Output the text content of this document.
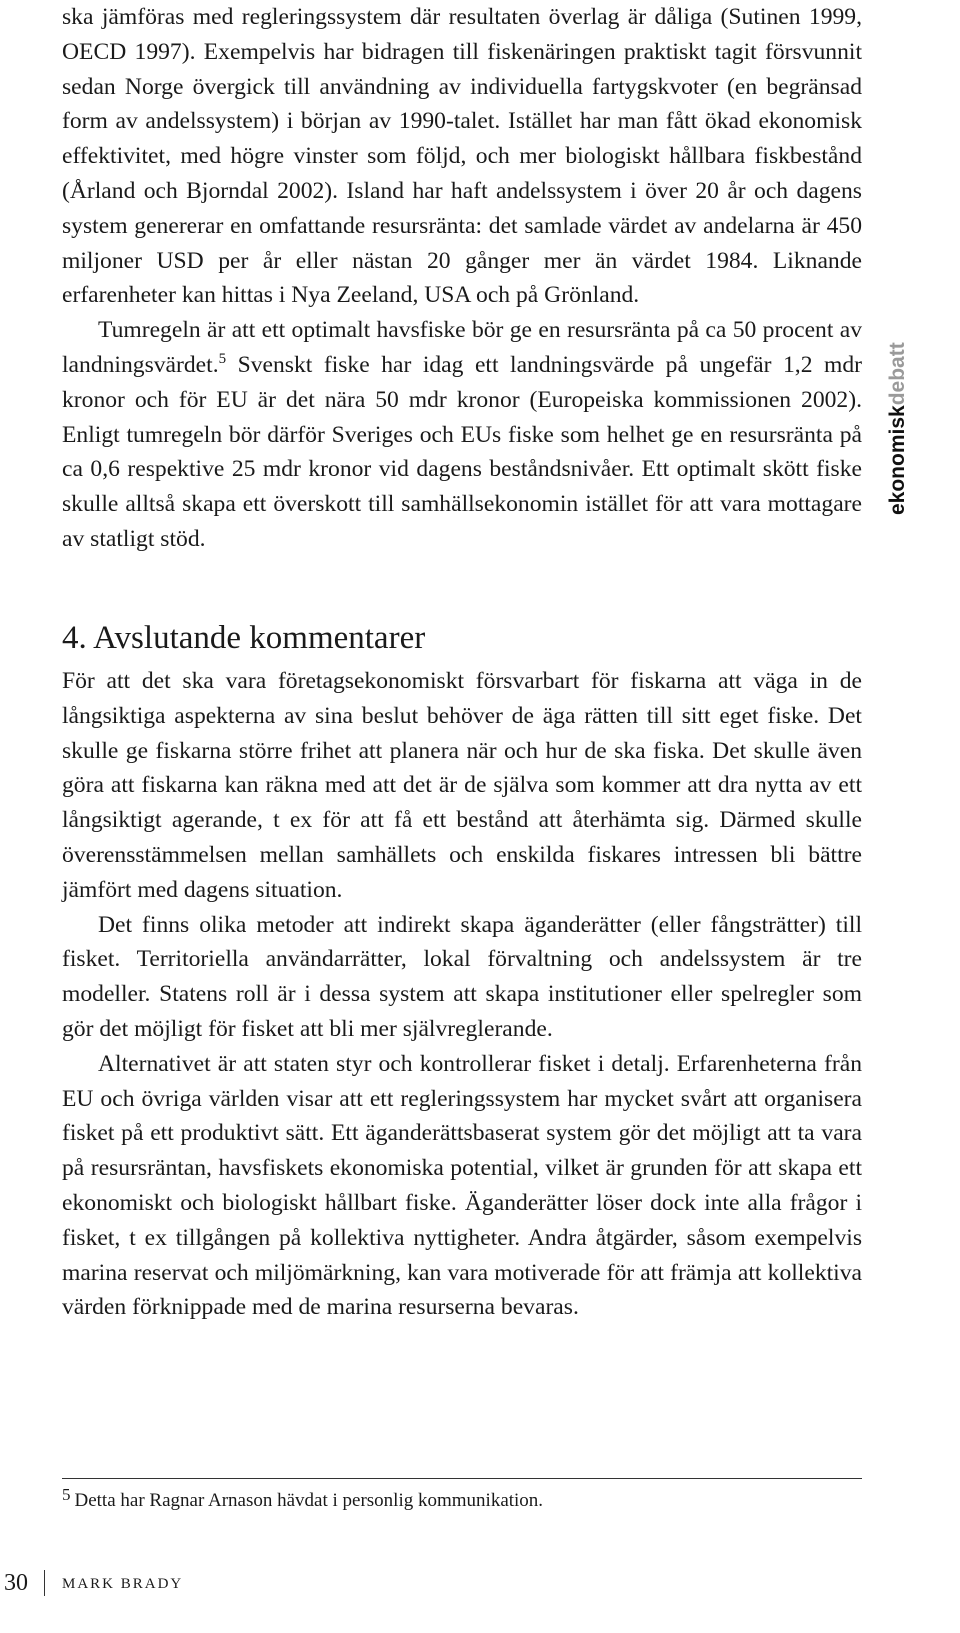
ska jämföras med regleringssystem där resultaten överlag är dåliga (Sutinen 1999, OECD 1997). Exempelvis har bidragen till fiskenäringen praktiskt tagit försvunnit sedan Norge övergick till användning av individuella fartygskvoter (en begränsad form av andelssystem) i början av 1990-talet. Istället har man fått ökad ekonomisk effektivitet, med högre vinster som följd, och mer biologiskt hållbara fiskbestånd (Årland och Bjorndal 2002). Island har haft andelssystem i över 20 år och dagens system genererar en omfattande resursränta: det samlade värdet av andelarna är 450 miljoner USD per år eller nästan 20 gånger mer än värdet 1984. Liknande erfarenheter kan hittas i Nya Zeeland, USA och på Grönland.

Tumregeln är att ett optimalt havsfiske bör ge en resursränta på ca 50 procent av landningsvärdet.$^5$ Svenskt fiske har idag ett landningsvärde på ungefär 1,2 mdr kronor och för EU är det nära 50 mdr kronor (Europeiska kommissionen 2002). Enligt tumregeln bör därför Sveriges och EUs fiske som helhet ge en resursränta på ca 0,6 respektive 25 mdr kronor vid dagens beståndsnivåer. Ett optimalt skött fiske skulle alltså skapa ett överskott till samhällsekonomin istället för att vara mottagare av statligt stöd.

4. Avslutande kommentarer

För att det ska vara företagsekonomiskt försvarbart för fiskarna att väga in de långsiktiga aspekterna av sina beslut behöver de äga rätten till sitt eget fiske. Det skulle ge fiskarna större frihet att planera när och hur de ska fiska. Det skulle även göra att fiskarna kan räkna med att det är de själva som kommer att dra nytta av ett långsiktigt agerande, t ex för att få ett bestånd att återhämta sig. Därmed skulle överensstämmelsen mellan samhällets och enskilda fiskares intressen bli bättre jämfört med dagens situation.

Det finns olika metoder att indirekt skapa äganderätter (eller fångsträtter) till fisket. Territoriella användarrätter, lokal förvaltning och andelssystem är tre modeller. Statens roll är i dessa system att skapa institutioner eller spelregler som gör det möjligt för fisket att bli mer självreglerande.

Alternativet är att staten styr och kontrollerar fisket i detalj. Erfarenheterna från EU och övriga världen visar att ett regleringssystem har mycket svårt att organisera fisket på ett produktivt sätt. Ett äganderättsbaserat system gör det möjligt att ta vara på resursräntan, havsfiskets ekonomiska potential, vilket är grunden för att skapa ett ekonomiskt och biologiskt hållbart fiske. Äganderätter löser dock inte alla frågor i fisket, t ex tillgången på kollektiva nyttigheter. Andra åtgärder, såsom exempelvis marina reservat och miljömärkning, kan vara motiverade för att främja att kollektiva värden förknippade med de marina resurserna bevaras.

ekonomiskdebatt

5 Detta har Ragnar Arnason hävdat i personlig kommunikation.

30 MARK BRADY
